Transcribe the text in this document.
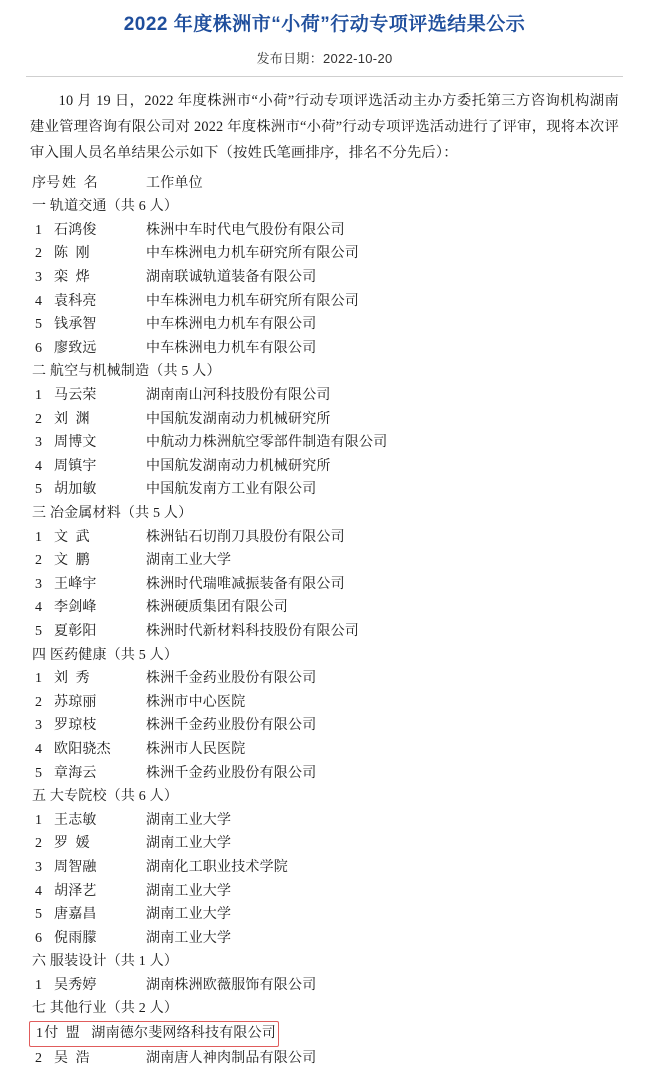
2022 年度株洲市“小荷”行动专项评选结果公示
发布日期：2022-10-20
10 月 19 日，2022 年度株洲市“小荷”行动专项评选活动主办方委托第三方咨询机构湖南建业管理咨询有限公司对 2022 年度株洲市“小荷”行动专项评选活动进行了评审，现将本次评审入围人员名单结果公示如下（按姓氏笔画排序，排名不分先后）：
序号 姓  名	工作单位
一 轨道交通（共 6 人）
1 石鸿俊	株洲中车时代电气股份有限公司
2 陈  刚	中车株洲电力机车研究所有限公司
3 栾  烨	湖南联诚轨道装备有限公司
4 袁科亮	中车株洲电力机车研究所有限公司
5 钱承智	中车株洲电力机车有限公司
6 廖致远	中车株洲电力机车有限公司
二 航空与机械制造（共 5 人）
1 马云荣	湖南南山河科技股份有限公司
2 刘  渊	中国航发湖南动力机械研究所
3 周博文	中航动力株洲航空零部件制造有限公司
4 周镇宇	中国航发湖南动力机械研究所
5 胡加敏	中国航发南方工业有限公司
三 冶金属材料（共 5 人）
1 文  武	株洲钻石切削刀具股份有限公司
2 文  鹏	湖南工业大学
3 王峰宇	株洲时代瑞唯减振装备有限公司
4 李剑峰	株洲硬质集团有限公司
5 夏彰阳	株洲时代新材料科技股份有限公司
四 医药健康（共 5 人）
1 刘  秀	株洲千金药业股份有限公司
2 苏琼丽	株洲市中心医院
3 罗琼枝	株洲千金药业股份有限公司
4 欧阳骁杰	株洲市人民医院
5 章海云	株洲千金药业股份有限公司
五 大专院校（共 6 人）
1 王志敏	湖南工业大学
2 罗  媛	湖南工业大学
3 周智融	湖南化工职业技术学院
4 胡泽艺	湖南工业大学
5 唐嘉昌	湖南工业大学
6 倪雨朦	湖南工业大学
六 服装设计（共 1 人）
1 吴秀婷	湖南株洲欧薇服饰有限公司
七 其他行业（共 2 人）
1 付  盟 湖南德尔斐网络科技有限公司
2 吴  浩	湖南唐人神肉制品有限公司
